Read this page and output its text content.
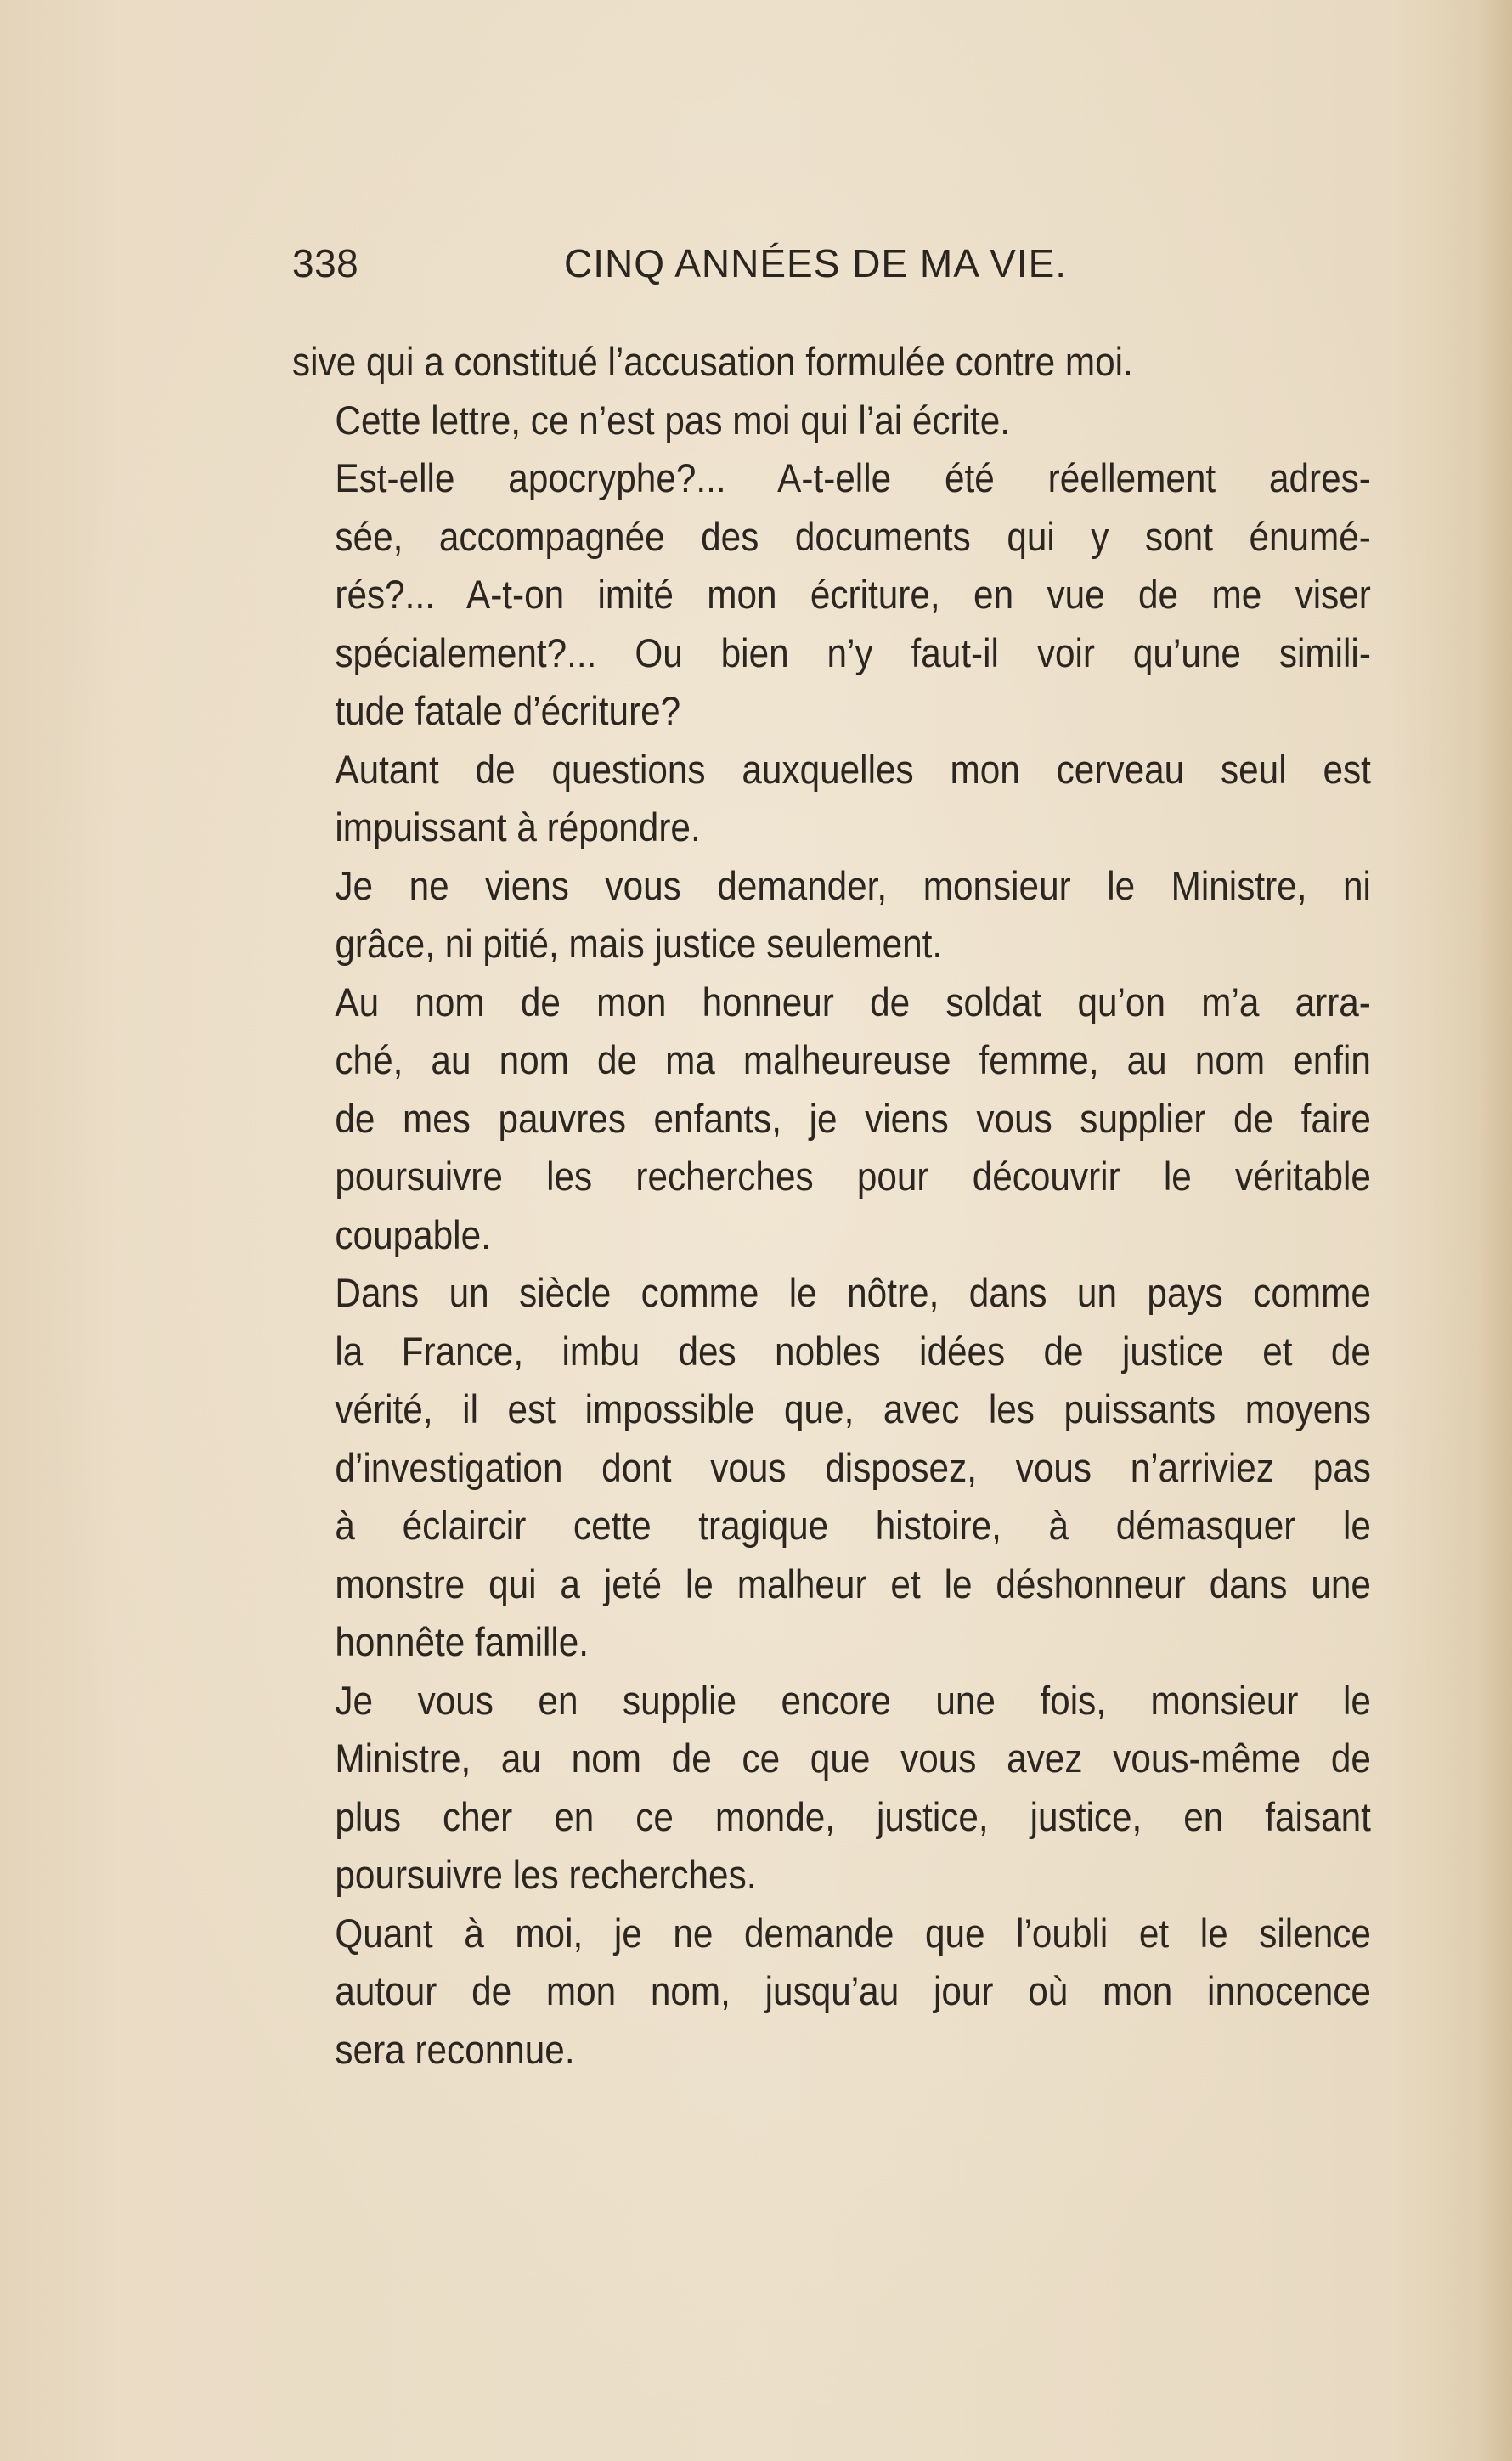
338	CINQ ANNÉES DE MA VIE.
sive qui a constitué l’accusation formulée contre moi.
Cette lettre, ce n’est pas moi qui l’ai écrite.
Est-elle apocryphe?... A-t-elle été réellement adres-
sée, accompagnée des documents qui y sont énumé-
rés?... A-t-on imité mon écriture, en vue de me viser
spécialement?... Ou bien n’y faut-il voir qu’une simili-
tude fatale d’écriture?
Autant de questions auxquelles mon cerveau seul est
impuissant à répondre.
Je ne viens vous demander, monsieur le Ministre, ni
grâce, ni pitié, mais justice seulement.
Au nom de mon honneur de soldat qu’on m’a arra-
ché, au nom de ma malheureuse femme, au nom enfin
de mes pauvres enfants, je viens vous supplier de faire
poursuivre les recherches pour découvrir le véritable
coupable.
Dans un siècle comme le nôtre, dans un pays comme
la France, imbu des nobles idées de justice et de
vérité, il est impossible que, avec les puissants moyens
d’investigation dont vous disposez, vous n’arriviez pas
à éclaircir cette tragique histoire, à démasquer le
monstre qui a jeté le malheur et le déshonneur dans une
honnête famille.
Je vous en supplie encore une fois, monsieur le
Ministre, au nom de ce que vous avez vous-même de
plus cher en ce monde, justice, justice, en faisant
poursuivre les recherches.
Quant à moi, je ne demande que l’oubli et le silence
autour de mon nom, jusqu’au jour où mon innocence
sera reconnue.
